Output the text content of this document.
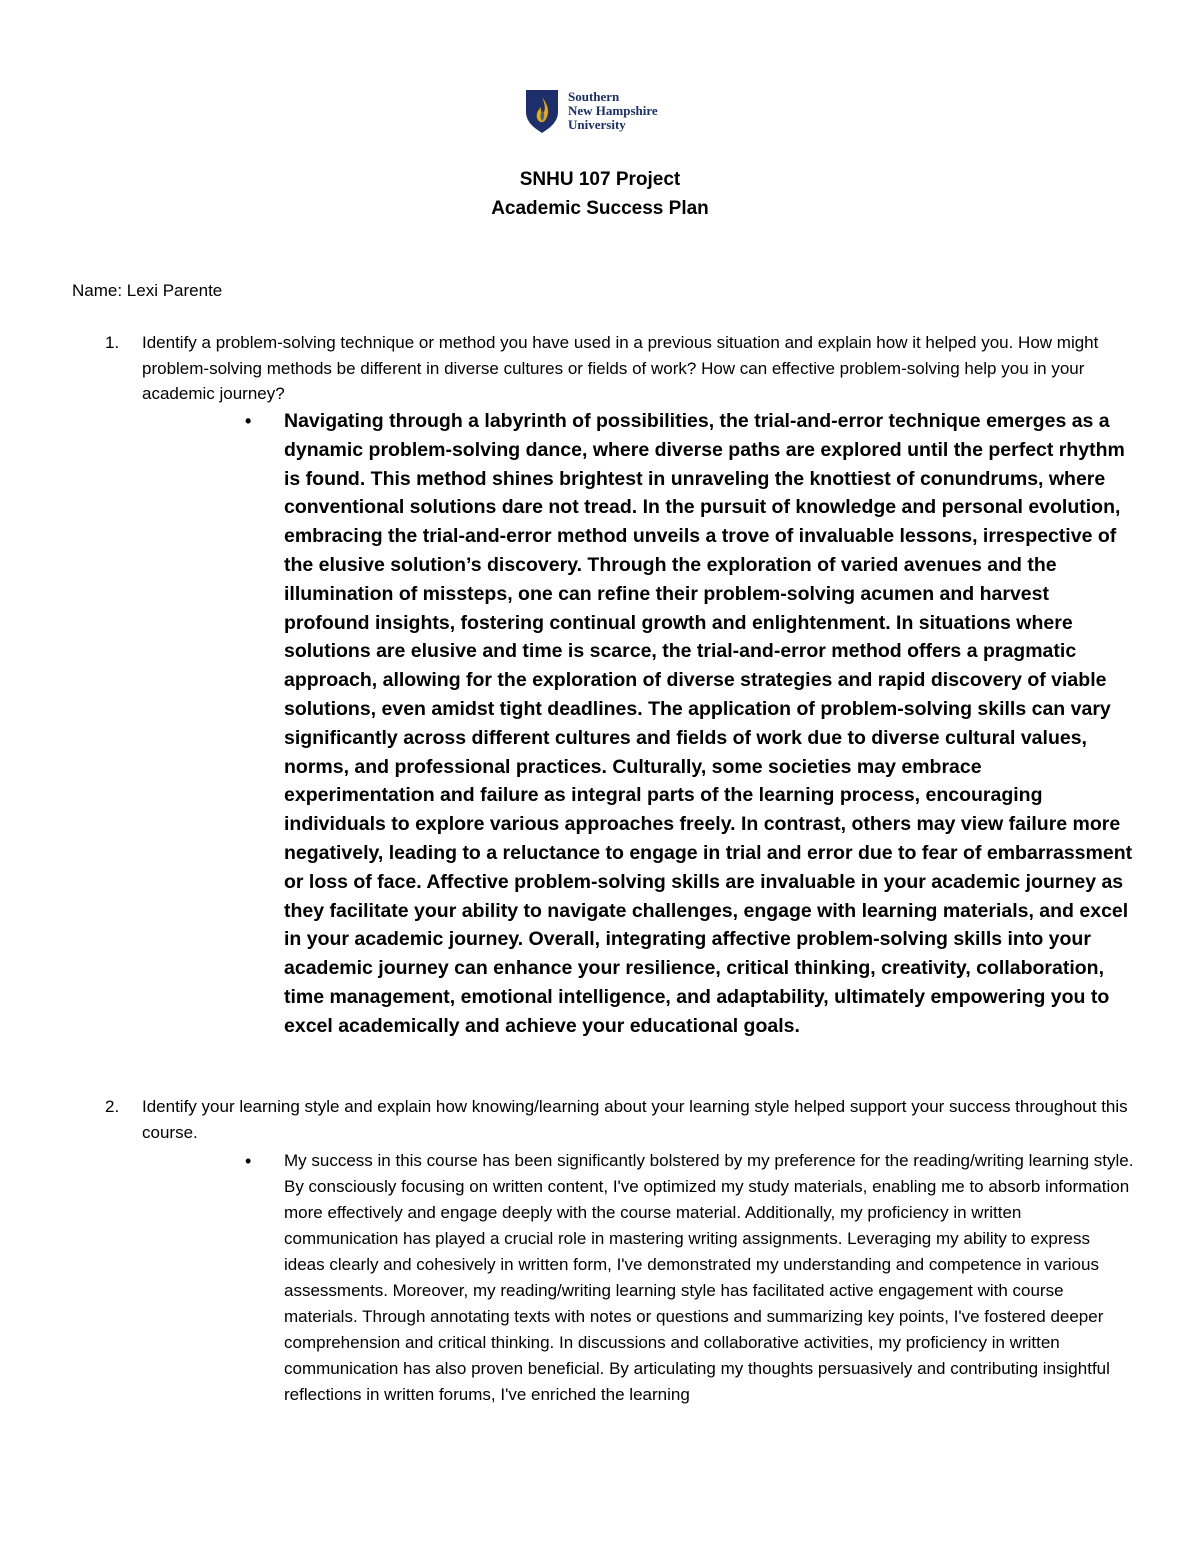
Southern
New Hampshire
University
SNHU 107 Project
Academic Success Plan
Name: Lexi Parente
1. Identify a problem-solving technique or method you have used in a previous situation and explain how it helped you. How might problem-solving methods be different in diverse cultures or fields of work? How can effective problem-solving help you in your academic journey?
• Navigating through a labyrinth of possibilities, the trial-and-error technique emerges as a dynamic problem-solving dance, where diverse paths are explored until the perfect rhythm is found. This method shines brightest in unraveling the knottiest of conundrums, where conventional solutions dare not tread. In the pursuit of knowledge and personal evolution, embracing the trial-and-error method unveils a trove of invaluable lessons, irrespective of the elusive solution’s discovery. Through the exploration of varied avenues and the illumination of missteps, one can refine their problem-solving acumen and harvest profound insights, fostering continual growth and enlightenment. In situations where solutions are elusive and time is scarce, the trial-and-error method offers a pragmatic approach, allowing for the exploration of diverse strategies and rapid discovery of viable solutions, even amidst tight deadlines. The application of problem-solving skills can vary significantly across different cultures and fields of work due to diverse cultural values, norms, and professional practices. Culturally, some societies may embrace experimentation and failure as integral parts of the learning process, encouraging individuals to explore various approaches freely. In contrast, others may view failure more negatively, leading to a reluctance to engage in trial and error due to fear of embarrassment or loss of face. Affective problem-solving skills are invaluable in your academic journey as they facilitate your ability to navigate challenges, engage with learning materials, and excel in your academic journey. Overall, integrating affective problem-solving skills into your academic journey can enhance your resilience, critical thinking, creativity, collaboration, time management, emotional intelligence, and adaptability, ultimately empowering you to excel academically and achieve your educational goals.
2. Identify your learning style and explain how knowing/learning about your learning style helped support your success throughout this course.
• My success in this course has been significantly bolstered by my preference for the reading/writing learning style. By consciously focusing on written content, I've optimized my study materials, enabling me to absorb information more effectively and engage deeply with the course material. Additionally, my proficiency in written communication has played a crucial role in mastering writing assignments. Leveraging my ability to express ideas clearly and cohesively in written form, I've demonstrated my understanding and competence in various assessments. Moreover, my reading/writing learning style has facilitated active engagement with course materials. Through annotating texts with notes or questions and summarizing key points, I've fostered deeper comprehension and critical thinking. In discussions and collaborative activities, my proficiency in written communication has also proven beneficial. By articulating my thoughts persuasively and contributing insightful reflections in written forums, I've enriched the learning
